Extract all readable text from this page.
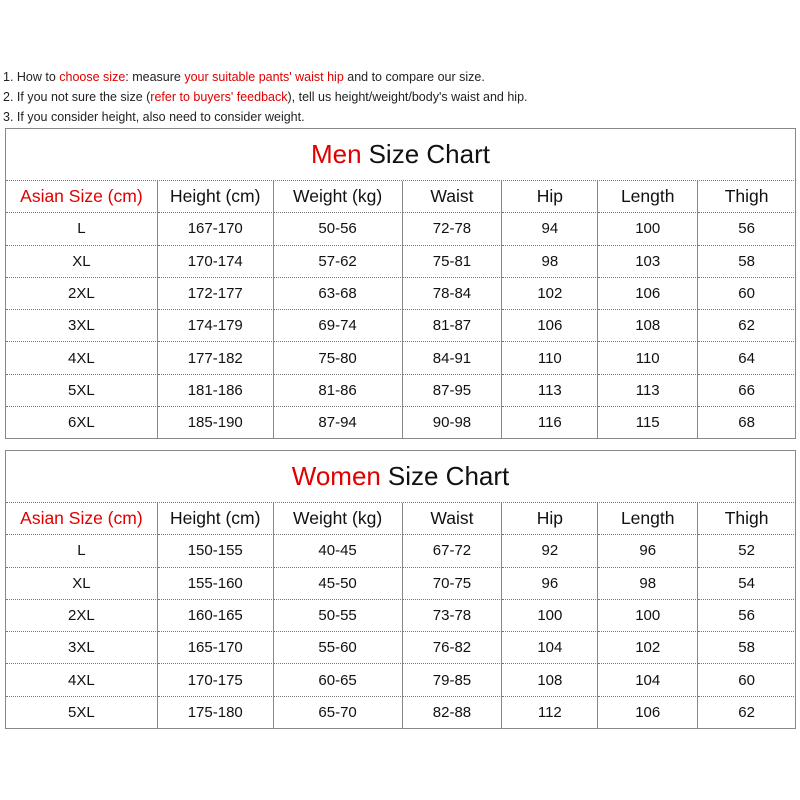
1. How to choose size: measure your suitable pants' waist hip and to compare our size.
2. If you not sure the size (refer to buyers' feedback), tell us height/weight/body's waist and hip.
3. If you consider height, also need to consider weight.
Men Size Chart
Asian Size (cm)	Height (cm)	Weight (kg)	Waist	Hip	Length	Thigh
L	167-170	50-56	72-78	94	100	56
XL	170-174	57-62	75-81	98	103	58
2XL	172-177	63-68	78-84	102	106	60
3XL	174-179	69-74	81-87	106	108	62
4XL	177-182	75-80	84-91	110	110	64
5XL	181-186	81-86	87-95	113	113	66
6XL	185-190	87-94	90-98	116	115	68
Women Size Chart
Asian Size (cm)	Height (cm)	Weight (kg)	Waist	Hip	Length	Thigh
L	150-155	40-45	67-72	92	96	52
XL	155-160	45-50	70-75	96	98	54
2XL	160-165	50-55	73-78	100	100	56
3XL	165-170	55-60	76-82	104	102	58
4XL	170-175	60-65	79-85	108	104	60
5XL	175-180	65-70	82-88	112	106	62
